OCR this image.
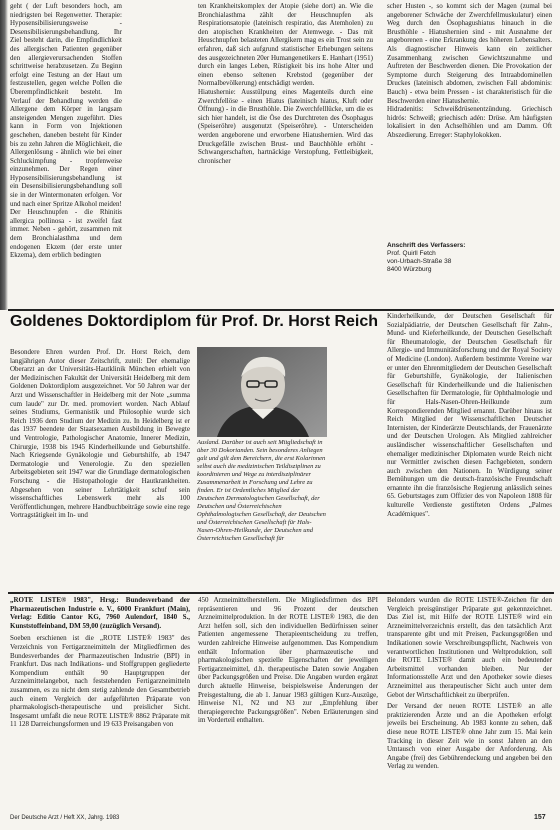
geht ( der Luft besonders hoch, am niedrigsten bei Regenwetter. Therapie: Hyposensibilisierungsweise - Desensibilisierungsbehandlung. Ihr Ziel besteht darin, die Empfindlichkeit des allergischen Patienten gegenüber den allergieverursachenden Stoffen schrittweise herabzusetzen. Zu Beginn erfolgt eine Testung an der Haut um festzustellen, gegen welche Pollen die Überempfindlichkeit besteht. Im Verlauf der Behandlung werden die Allergene dem Körper in langsam ansteigenden Mengen zugeführt. Dies kann in Form von Injektionen geschehen, daneben besteht für Kinder bis zu zehn Jahren die Möglichkeit, die Allergenlösung - ähnlich wie bei einer Schluckimpfung - tropfenweise einzunehmen. Der Regen einer Hyposensibilisierungsbehandlung ist ein Desensibilisierungsbehandlung soll sie in der Wintermonaten erfolgen. Vor und nach einer Spritze Alkohol meiden!

Der Heuschnupfen - die Rhinitis allergica pollinosa - ist zweifel fast immer. Neben - gehört, zusammen mit dem Bronchialasthma und dem endogenen Ekzem (der erste unter Ekzema), dem erblich bedingten

ten Krankheitskomplex der Atopie (siehe dort) an. Wie die Bronchialasthma zählt der Heuschnupfen als Respirationsatopie (lateinisch respiratio, das Atemholen) zu den atopischen Krankheiten der Atemwege. - Das mit Heuschnupfen belasteten Allergikern mag es ein Trost sein zu erfahren, daß sich aufgrund statistischer Erhebungen seitens des ausgezeichneten 20er Humangenetikers E. Hanhart (1951) durch ein langes Leben, Rüstigkeit bis ins hohe Alter und einen ebenso seltenen Krebstod (gegenüber der Normalbevölkerung) entschädigt werden.

Hiatushernie: Ausstülpung eines Magenteils durch eine Zwerchfellöse - einen Hiatus (lateinisch hiatus, Kluft oder Öffnung) - in die Brusthöhle. Die Zwerchfelllücke, um die es sich hier handelt, ist die Öse des Durchtreten des Ösophagus (Speiseröhre) ausgenutzt (Speiseröhre). - Unterscheiden werden angeborene und erworbene Hiatushernien. Wird das Druckgefälle zwischen Brust- und Bauchhöhle erhöht - Schwangerschaften, hartnäckige Verstopfung, Fettleibigkeit, chronischer

scher Husten -, so kommt sich der Magen (zumal bei angeborener Schwäche der Zwerchfellmuskulatur) einen Weg durch den Ösophagushiatus hinauch in die Brusthöhle - Hiatushernien sind - mit Ausnahme der angeborenen - eine Erkrankung des höheren Lebensalters. Als diagnostischer Hinweis kann ein zeitlicher Zusammenhang zwischen Gewichtszunahme und Auftreten der Beschwerden dienen. Die Provokation der Symptome durch Steigerung des Intraabdominellen Druckes (lateinisch abdomen, zwischen Fall abdominis: Bauch) - etwa beim Pressen - ist charakteristisch für die Beschwerden einer Hiatushernie.

Hidradenitis: Schweißdrüsenentzündung. Griechisch hidrós: Schweiß; griechisch adén: Drüse. Am häufigsten lokalisiert in den Achselhöhlen und am Damm. Oft Abszedierung. Erreger: Staphylokokken.

Anschrift des Verfassers:
Prof. Quirll Fetch
von-Urbach-Straße 38
8400 Würzburg
Goldenes Doktordiplom für Prof. Dr. Horst Reich

Besondere Ehren wurden Prof. Dr. Horst Reich, dem langjährigen Autor dieser Zeitschrift, zuteil: Der ehemalige Oberarzt an der Universitäts-Hautklinik München erhielt von der Medizinischen Fakultät der Universität Heidelberg mit dem Goldenen Doktordiplom ausgezeichnet. Vor 50 Jahren war der Arzt und Wissenschaftler in Heidelberg mit der Note „summa cum laude" zur Dr. med. promoviert worden. Nach Ablauf seines Studiums, Germanistik und Philosophie wurde sich Reich 1936 dem Studium der Medizin zu. In Heidelberg ist er das 1937 beendete der Staatsexamen Ausbildung in Bewegte und Ventrologie, Pathologischer Anatomie, Innerer Medizin, Chirurgie, 1938 bis 1945 Kinderheilkunde und Geburtshilfe. Nach Kriegsende Gynäkologie und Geburtshilfe, ab 1947 Dermatologie und Venerologie. Zu den speziellen Arbeitsgebieten seit 1947 war die Grundlage dermatologischen Forschung - die Histopathologie der Hautkrankheiten. Abgesehen von seiner Lehrtätigkeit schuf sein wissenschaftliches Lebenswerk mehr als 100 Veröffentlichungen, mehrere Handbuchbeiträge sowie eine rege Vortragstätigkeit im In- und

Ausland. Darüber ist auch seit Mitgliedschaft in über 30 Dokorianden. Sein besonderes Anliegen galt und gilt dem Bereichern, die erst Kolarinnen selbst auch die medizinischen Teildisziplinen zu koordinieren und Wege zu interdisziplinärer Zusammenarbeit in Forschung und Lehre zu finden. Er ist Ordentliches Mitglied der Deutschen Dermatologischen Gesellschaft, der Deutschen und Österreichischen Ophthalmologischen Gesellschaft, der Deutschen und Österreichischen Gesellschaft für Hals-Nasen-Ohren-Heilkunde, der Deutschen und Österreichischen Gesellschaft für

Kinderheilkunde, der Deutschen Gesellschaft für Sozialpädiatrie, der Deutschen Gesellschaft für Zahn-, Mund- und Kieferheilkunde, der Deutschen Gesellschaft für Rheumatologie, der Deutschen Gesellschaft für Allergie- und Immunitätsforschung und der Royal Society of Medicine (London). Außerdem bestimmte Vereine war er unter den Ehrenmitgliedern der Deutschen Gesellschaft für Geburtshilfe, Gynäkologie, der Italienischen Gesellschaft für Kinderheilkunde und die Italienischen Gesellschaften für Dermatologie, für Ophthalmologie und für Hals-Nasen-Ohren-Heilkunde zum Korrespondierenden Mitglied ernannt. Darüber hinaus ist Reich Mitglied der Wissenschaftlichen Deutscher Internisten, der Kinderärzte Deutschlands, der Frauenärzte und der Deutschen Urologen. Als Mitglied zahlreicher ausländischer wissenschaftlicher Gesellschaften und ehemaliger medizinischer Diplomaten wurde Reich nicht nur Vermittler zwischen diesen Fachgebieten, sondern auch zwischen den Nationen. In Würdigung seiner Bemühungen um die deutsch-französische Freundschaft ernannte ihn die französische Regierung anlässlich seines 65. Geburtstages zum Offizier des von Napoleon 1808 für kulturelle Verdienste gestifteten Ordens „Palmes Académiques".

„ROTE LISTE® 1983", Hrsg.: Bundesverband der Pharmazeutischen Industrie e. V., 6000 Frankfurt (Main), Verlag: Editio Cantor KG, 7960 Aulendorf, 1840 S., Kunststoffeinband, DM 59,00 (zuzüglich Versand).

Soeben erschienen ist die „ROTE LISTE® 1983" des Verzeichnis von Fertigarzneimitteln der Mitgliedfirmen des Bundesverbandes der Pharmazeutischen Industrie (BPI) in Frankfurt. Das nach Indikations- und Stoffgruppen gegliederte Kompendium enthält 90 Hauptgruppen der Arzneimittelangebot, nach feststehenden Fertigarzneimitteln zusammen, es zu nicht dem stetig zahlende den Gesamtbetrieb auch einem Vergleich der aufgeführten Präparate von pharmakologisch-therapeutische und preislicher Sicht. Insgesamt umfaßt die neue ROTE LISTE® 8862 Präparate mit 11 128 Darreichungsformen und 19 633 Preisangaben von

450 Arzneimittelherstellern. Die Mitgliedsfirmen des BPI repräsentieren und 96 Prozent der deutschen Arzneimittelproduktion. In der ROTE LISTE® 1983, die den Arzt helfen soll, sich den individuellen Bedürfnissen seiner Patienten angemessene Therapieentscheidung zu treffen, wurden zahlreiche Hinweise aufgenommen. Das Kompendium enthält Information über pharmazeutische und pharmakologischen spezielle Eigenschaften der jeweiligen Fertigarzneimittel, d.h. therapeutische Daten sowie Angaben über Packungsgrößen und Preise. Die Angaben wurden ergänzt durch aktuelle Hinweise, beispielsweise Änderungen der Preisgestaltung, die ab 1. Januar 1983 gültigen Kurz-Auszüge, Hinweise N1, N2 und N3 zur „Empfehlung über therapiegerechte Packungsgrößen". Neben Erläuterungen sind im Vorderteil enthalten.

Belonders wurden die ROTE LISTE®-Zeichen für den Vergleich preisgünstiger Präparate gut gekennzeichnet. Das Ziel ist, mit Hilfe der ROTE LISTE® wird ein Arzneimittelverzeichnis erstellt, das den tatsächlich Arzt transparente gibt und mit Preisen, Packungsgrößen und Indikationen sowie Verschreibungspflicht, Nachweis von verantwortlichen Institutionen und Weltproduktion, soll die ROTE LISTE® damit auch ein bedeutender Arbeitsmittel vorhanden bleiben. Nur der Informationsstelle Arzt und den Apotheker sowie dieses Arzneimittel aus therapeutischer Sicht auch unter dem Gebot der Wirtschaftlichkeit zu überprüfen.

Der Versand der neuen ROTE LISTE® an alle praktizierenden Ärzte und an die Apotheken erfolgt jeweils bei Erscheinung. Ab 1983 konnte zu sehen, daß diese neue ROTE LISTE® ohne Jahr zum 15. Mai kein Tracking in dieser Zeit wie in sonst Jahren an den Umtausch von einer Ausgabe der Anforderung. Als Angabe (frei) des Gebührendeckung und angeben bei den Verlag zu wenden.

Der Deutsche Arzt / Heft XX, Jahrg. 1983	157
